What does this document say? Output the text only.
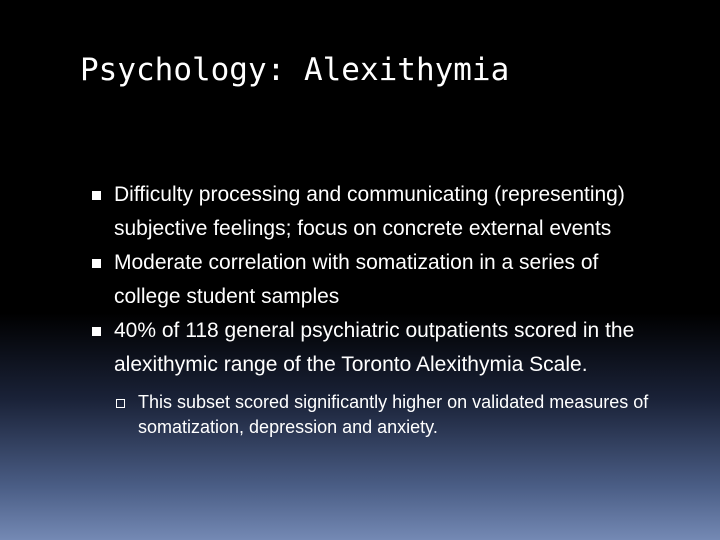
Psychology: Alexithymia
Difficulty processing and communicating (representing) subjective feelings; focus on concrete external events
Moderate correlation with somatization in a series of college student samples
40% of 118 general psychiatric outpatients scored in the alexithymic range of the Toronto Alexithymia Scale.
This subset scored significantly higher on validated measures of somatization, depression and anxiety.
